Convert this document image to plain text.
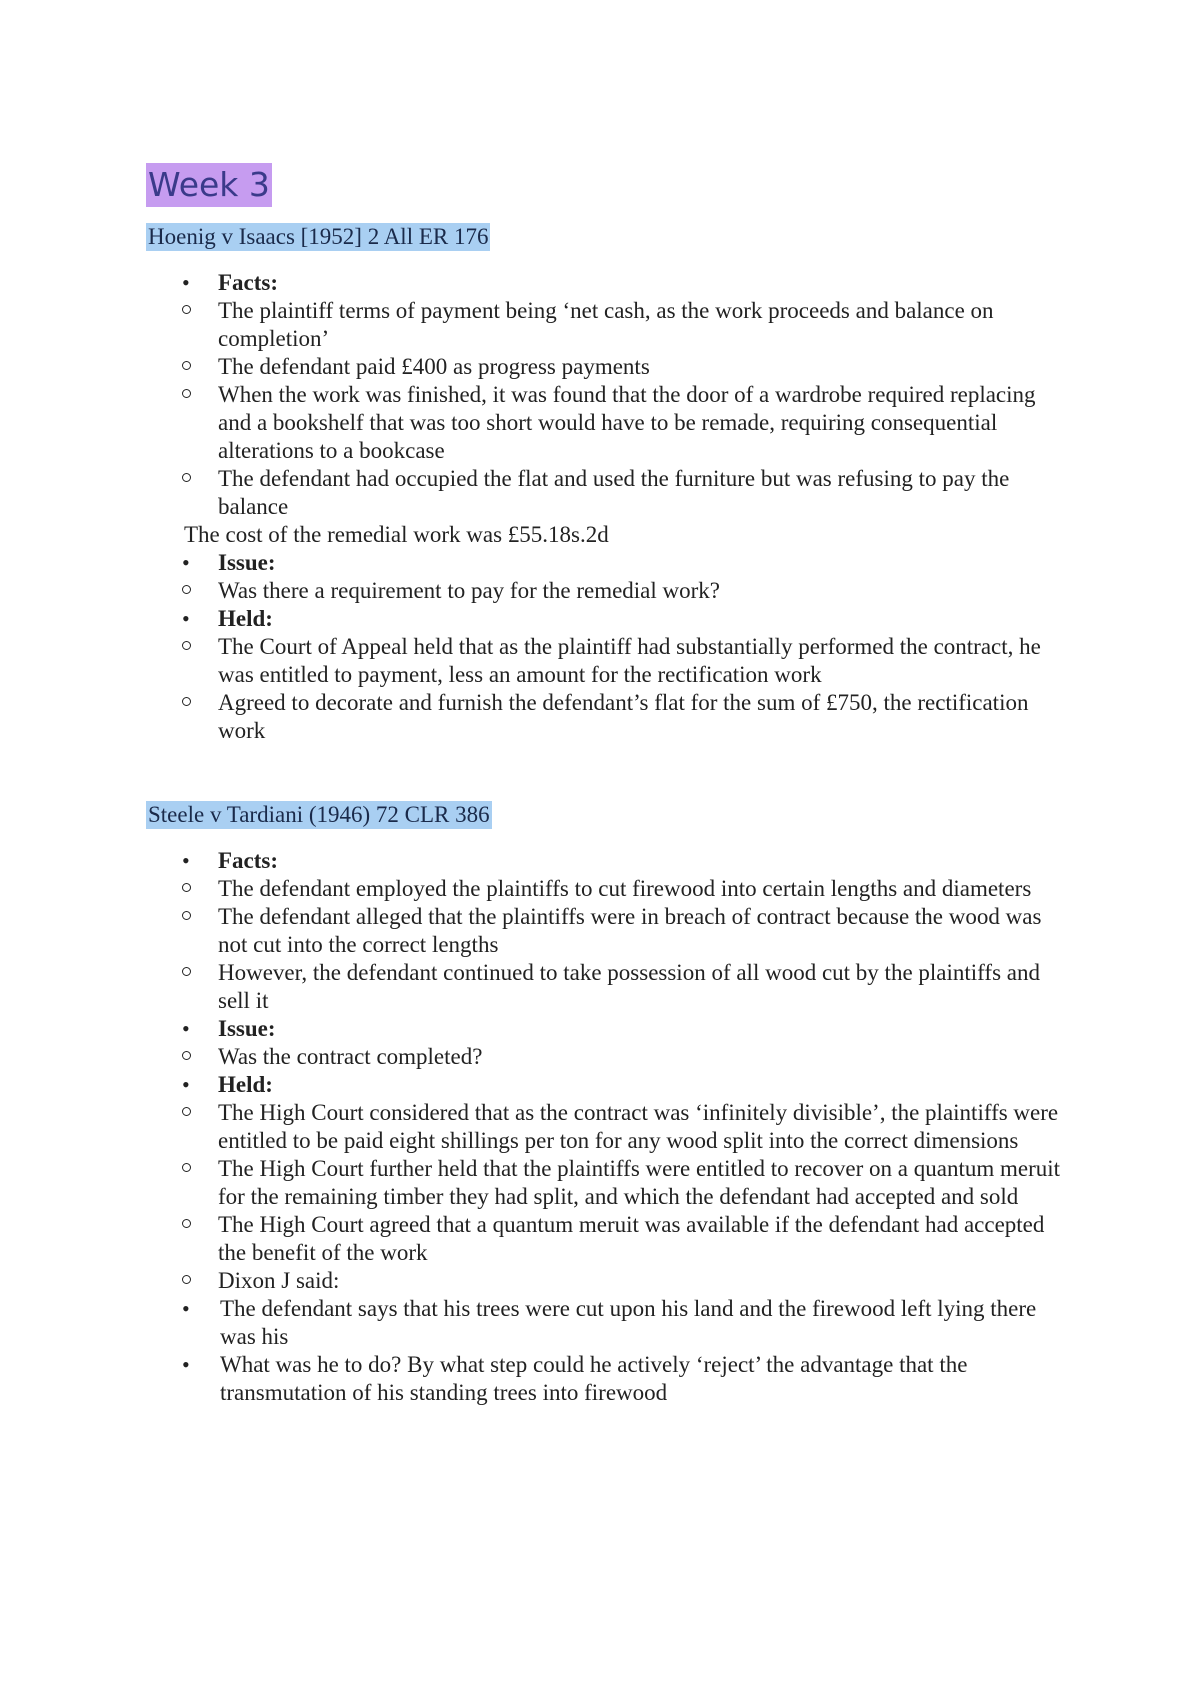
Week 3
Hoenig v Isaacs [1952] 2 All ER 176
• Facts:
The plaintiff terms of payment being ‘net cash, as the work proceeds and balance on completion’
The defendant paid £400 as progress payments
When the work was finished, it was found that the door of a wardrobe required replacing and a bookshelf that was too short would have to be remade, requiring consequential alterations to a bookcase
The defendant had occupied the flat and used the furniture but was refusing to pay the balance
The cost of the remedial work was £55.18s.2d
• Issue:
Was there a requirement to pay for the remedial work?
• Held:
The Court of Appeal held that as the plaintiff had substantially performed the contract, he was entitled to payment, less an amount for the rectification work
Agreed to decorate and furnish the defendant’s flat for the sum of £750, the rectification work
Steele v Tardiani (1946) 72 CLR 386
• Facts:
The defendant employed the plaintiffs to cut firewood into certain lengths and diameters
The defendant alleged that the plaintiffs were in breach of contract because the wood was not cut into the correct lengths
However, the defendant continued to take possession of all wood cut by the plaintiffs and sell it
• Issue:
Was the contract completed?
• Held:
The High Court considered that as the contract was ‘infinitely divisible’, the plaintiffs were entitled to be paid eight shillings per ton for any wood split into the correct dimensions
The High Court further held that the plaintiffs were entitled to recover on a quantum meruit for the remaining timber they had split, and which the defendant had accepted and sold
The High Court agreed that a quantum meruit was available if the defendant had accepted the benefit of the work
Dixon J said:
• The defendant says that his trees were cut upon his land and the firewood left lying there was his
• What was he to do? By what step could he actively ‘reject’ the advantage that the transmutation of his standing trees into firewood
